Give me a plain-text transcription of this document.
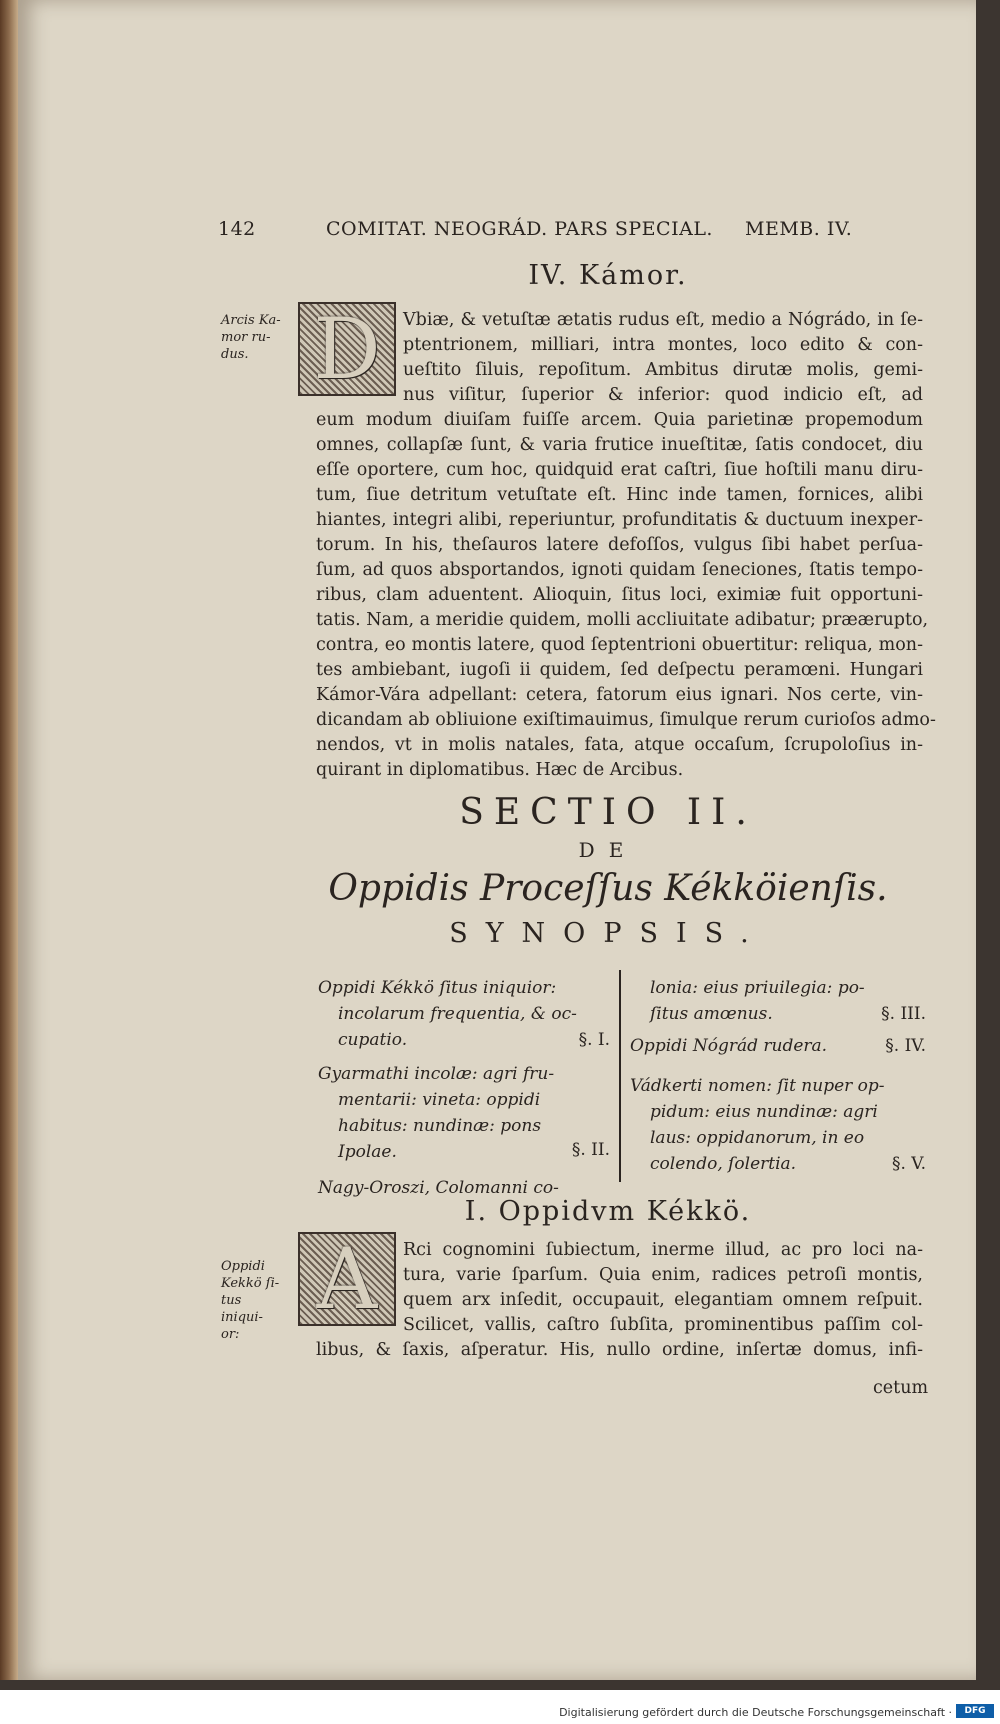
142	COMITAT. NEOGRÁD. PARS SPECIAL. MEMB. IV.
IV. Kámor.
Arcis Ka-
mor ru-
dus. D	Vbiæ, & vetuſtæ ætatis rudus eſt, medio a Nógrádo, in ſe-
ptentrionem, milliari, intra montes, loco edito & con-
ueſtito ſiluis, repoſitum. Ambitus dirutæ molis, gemi-
nus viſitur, ſuperior & inferior: quod indicio eſt, ad
eum modum diuiſam fuiſſe arcem. Quia parietinæ propemodum
omnes, collapſæ ſunt, & varia frutice inueſtitæ, ſatis condocet, diu
eſſe oportere, cum hoc, quidquid erat caſtri, ſiue hoſtili manu diru-
tum, ſiue detritum vetuſtate eſt. Hinc inde tamen, fornices, alibi
hiantes, integri alibi, reperiuntur, profunditatis & ductuum inexper-
torum. In his, theſauros latere defoſſos, vulgus ſibi habet perſua-
ſum, ad quos absportandos, ignoti quidam ſeneciones, ſtatis tempo-
ribus, clam aduentent. Alioquin, ſitus loci, eximiæ fuit opportuni-
tatis. Nam, a meridie quidem, molli accliuitate adibatur; præærupto,
contra, eo montis latere, quod ſeptentrioni obuertitur: reliqua, mon-
tes ambiebant, iugoſi ii quidem, ſed deſpectu peramœni. Hungari
Kámor-Vára adpellant: cetera, fatorum eius ignari. Nos certe, vin-
dicandam ab obliuione exiſtimauimus, ſimulque rerum curioſos admo-
nendos, vt in molis natales, fata, atque occaſum, ſcrupoloſius in-
quirant in diplomatibus. Hæc de Arcibus.
SECTIO II.
DE
Oppidis Proceſſus Kékköienſis.
SYNOPSIS.
Oppidi Kékkö ſitus iniquior:
incolarum frequentia, & oc-
cupatio.	§. I.
Gyarmathi incolæ: agri fru-
mentarii: vineta: oppidi
habitus: nundinæ: pons
Ipolae.	§. II.
Nagy-Oroszi, Colomanni co-
lonia: eius priuilegia: po-
ſitus amœnus.	§. III.
Oppidi Nógrád rudera.	§. IV.
Vádkerti nomen: ſit nuper op-
pidum: eius nundinæ: agri
laus: oppidanorum, in eo
colendo, ſolertia.	§. V.
I. Oppidvm Kékkö.
Oppidi
Kekkö ſi-
tus iniqui-
or:
A	Rci cognomini ſubiectum, inerme illud, ac pro loci na-
tura, varie ſparſum. Quia enim, radices petroſi montis,
quem arx inſedit, occupauit, elegantiam omnem reſpuit.
Scilicet, vallis, caſtro ſubſita, prominentibus paſſim col-
libus, & ſaxis, aſperatur. His, nullo ordine, inſertæ domus, infi-
cetum
Digitalisierung gefördert durch die Deutsche Forschungsgemeinschaft ·	DFG
